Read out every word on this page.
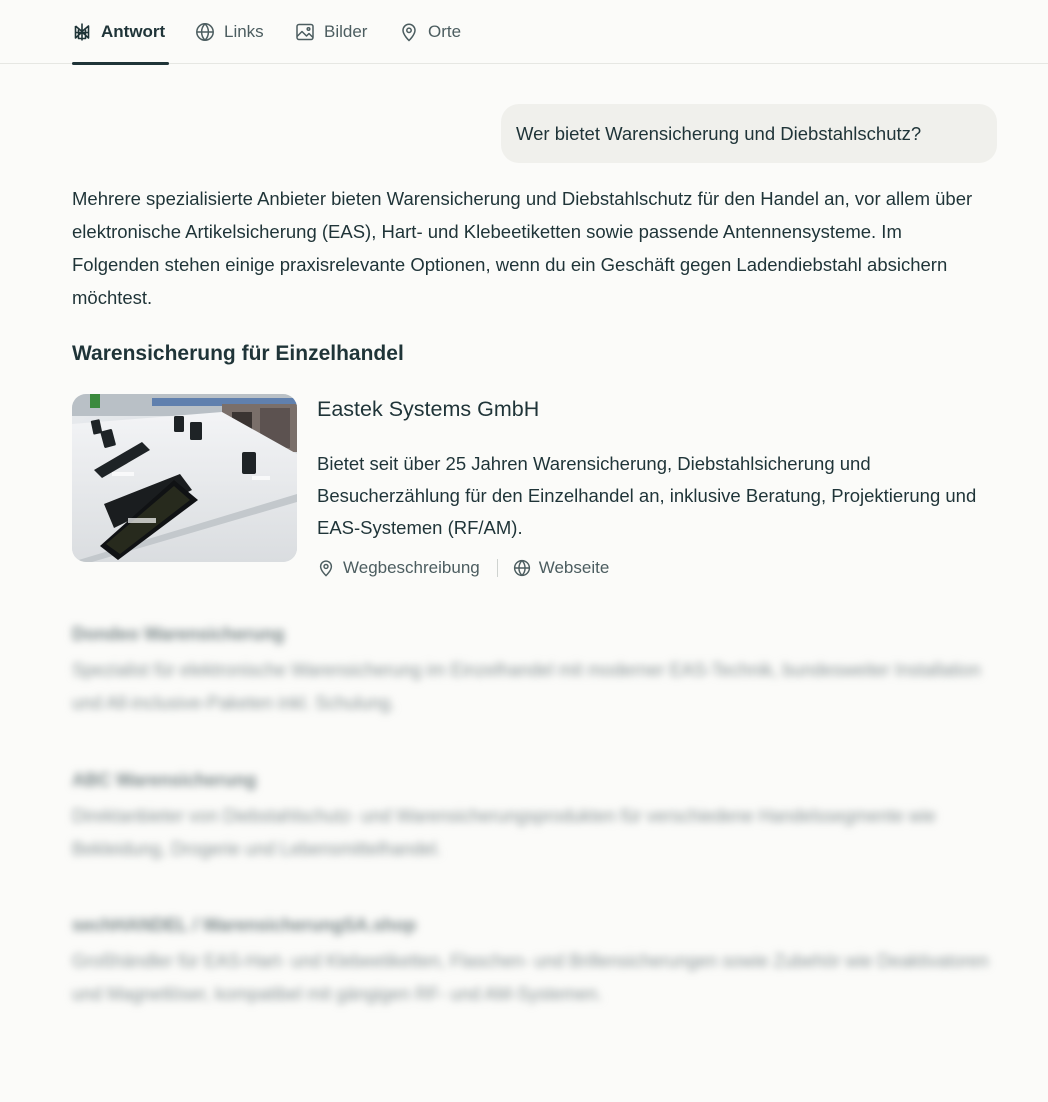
Antwort	Links	Bilder	Orte
Wer bietet Warensicherung und Diebstahlschutz?

Mehrere spezialisierte Anbieter bieten Warensicherung und Diebstahlschutz für den Handel an, vor allem über elektronische Artikelsicherung (EAS), Hart- und Klebeetiketten sowie passende Antennensysteme. Im Folgenden stehen einige praxisrelevante Optionen, wenn du ein Geschäft gegen Ladendiebstahl absichern möchtest.

Warensicherung für Einzelhandel
Eastek Systems GmbH

Bietet seit über 25 Jahren Warensicherung, Diebstahlsicherung und Besucherzählung für den Einzelhandel an, inklusive Beratung, Projektierung und EAS-Systemen (RF/AM).

Wegbeschreibung	Webseite
Dondeo Warensicherung
Spezialist für elektronische Warensicherung im Einzelhandel mit moderner EAS-Technik, bundesweiter Installation und All-inclusive-Paketen inkl. Schulung.
ABC Warensicherung
Direktanbieter von Diebstahlschutz- und Warensicherungsprodukten für verschiedene Handelssegmente wie Bekleidung, Drogerie und Lebensmittelhandel.
sechHANDEL / WarensicherungSA.shop
Großhändler für EAS-Hart- und Klebeetiketten, Flaschen- und Brillensicherungen sowie Zubehör wie Deaktivatoren und Magnetlöser, kompatibel mit gängigen RF- und AM-Systemen.
